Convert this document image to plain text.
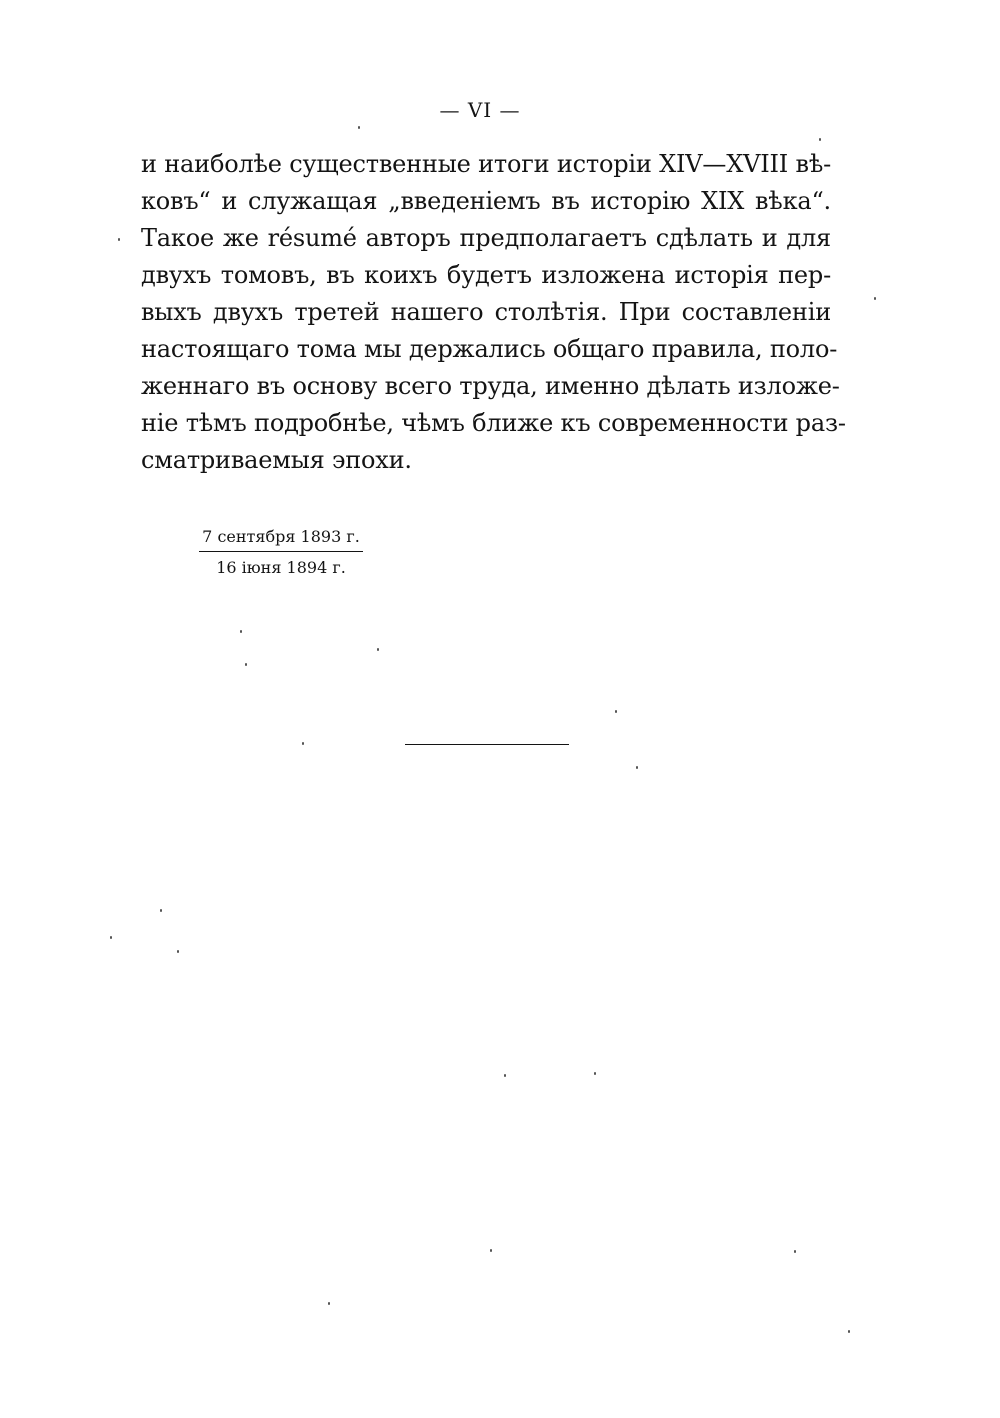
— VI —
и наиболѣе существенные итоги исторіи XIV—XVIII вѣ-
ковъ“ и служащая „введеніемъ въ исторію XIX вѣка“.
Такое же résumé авторъ предполагаетъ сдѣлать и для
двухъ томовъ, въ коихъ будетъ изложена исторія пер-
выхъ двухъ третей нашего столѣтія. При составленіи
настоящаго тома мы держались общаго правила, поло-
женнаго въ основу всего труда, именно дѣлать изложе-
ніе тѣмъ подробнѣе, чѣмъ ближе къ современности раз-
сматриваемыя эпохи.
7 сентября 1893 г.
16 іюня 1894 г.
